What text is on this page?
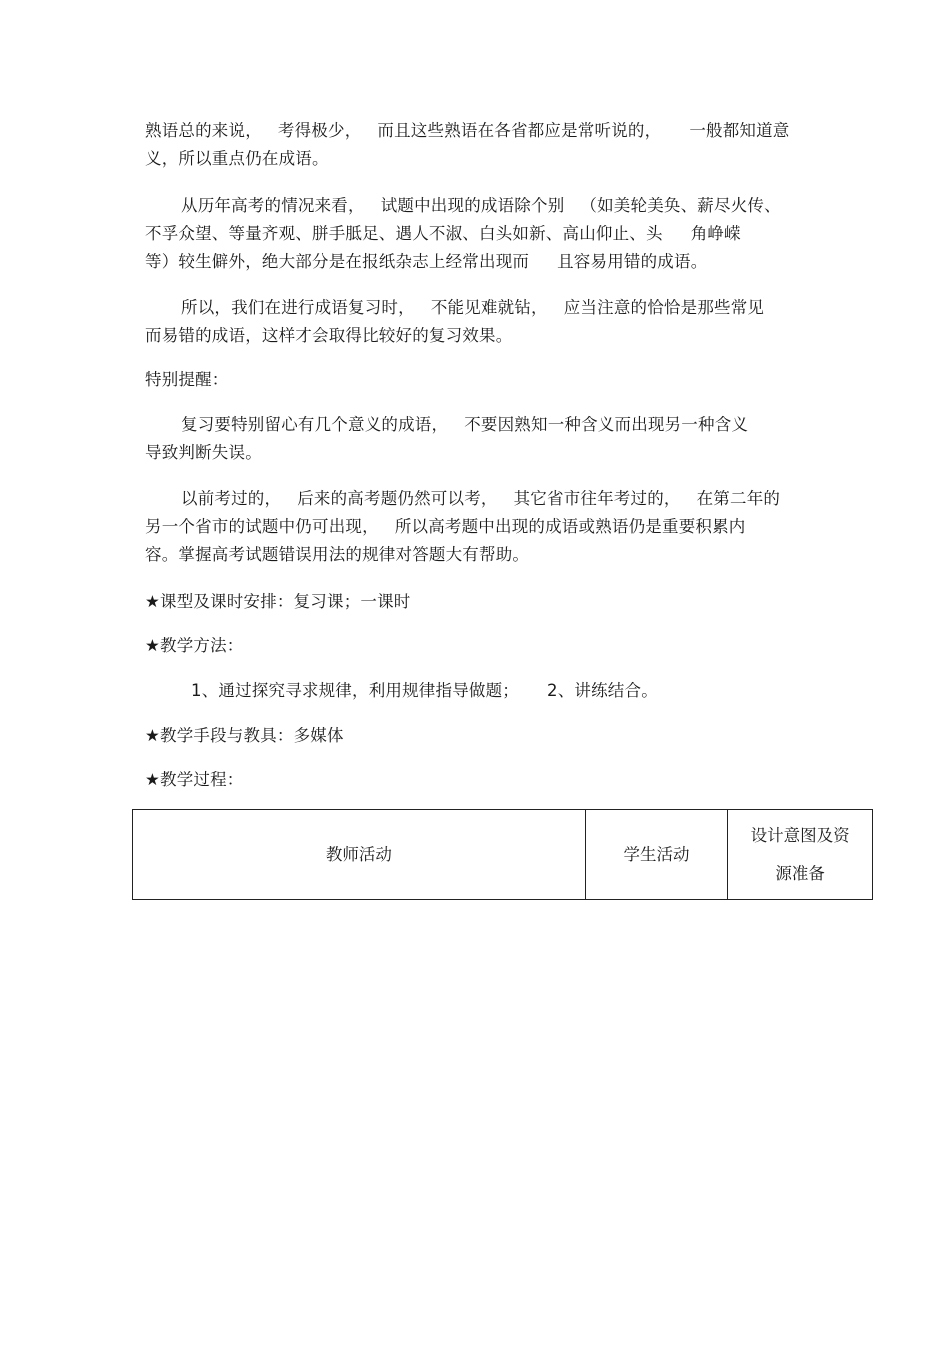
熟语总的来说， 考得极少， 而且这些熟语在各省都应是常听说的， 一般都知道意
义，所以重点仍在成语。
从历年高考的情况来看， 试题中出现的成语除个别 （如美轮美奂、薪尽火传、
不孚众望、等量齐观、胼手胝足、遇人不淑、白头如新、高山仰止、头 角峥嵘
等）较生僻外，绝大部分是在报纸杂志上经常出现而 且容易用错的成语。
所以，我们在进行成语复习时， 不能见难就钻， 应当注意的恰恰是那些常见
而易错的成语，这样才会取得比较好的复习效果。
特别提醒：
复习要特别留心有几个意义的成语， 不要因熟知一种含义而出现另一种含义
导致判断失误。
以前考过的， 后来的高考题仍然可以考， 其它省市往年考过的， 在第二年的
另一个省市的试题中仍可出现， 所以高考题中出现的成语或熟语仍是重要积累内
容。掌握高考试题错误用法的规律对答题大有帮助。
★课型及课时安排：复习课；一课时
★教学方法：
1、通过探究寻求规律，利用规律指导做题； 2、讲练结合。
★教学手段与教具：多媒体
★教学过程：
教师活动	学生活动	设计意图及资
源准备
